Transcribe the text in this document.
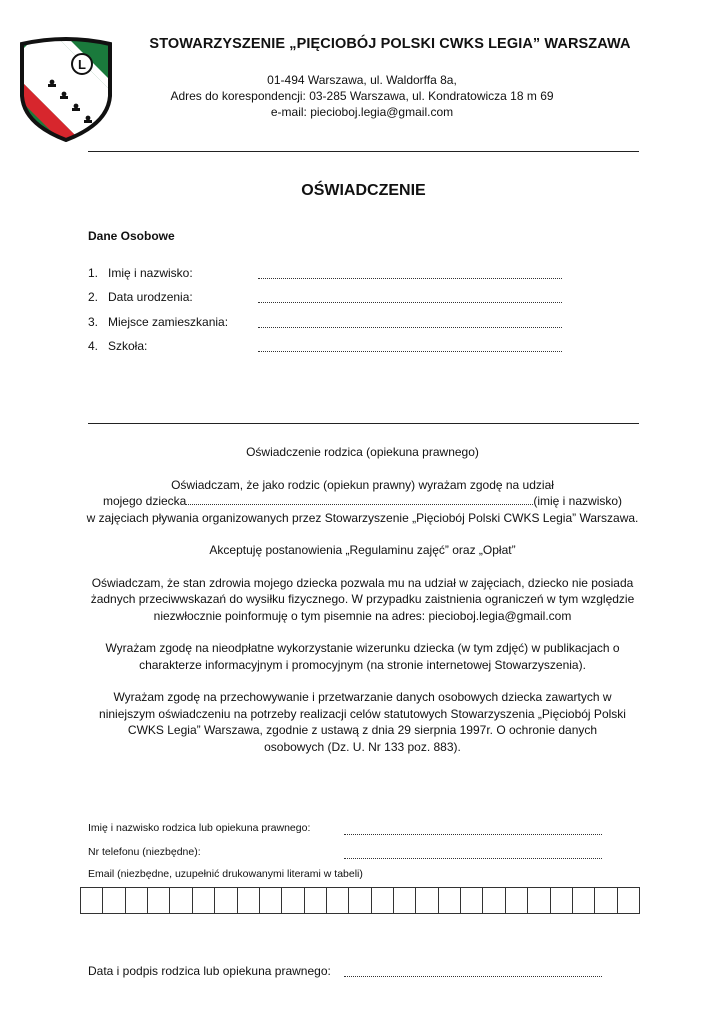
L
STOWARZYSZENIE „PIĘCIOBÓJ POLSKI CWKS LEGIA” WARSZAWA
01-494 Warszawa, ul. Waldorffa 8a,
Adres do korespondencji: 03-285 Warszawa, ul. Kondratowicza 18 m 69
e-mail: piecioboj.legia@gmail.com
OŚWIADCZENIE
Dane Osobowe
1. Imię i nazwisko:
2. Data urodzenia:
3. Miejsce zamieszkania:
4. Szkoła:

Oświadczenie rodzica (opiekuna prawnego)

Oświadczam, że jako rodzic (opiekun prawny) wyrażam zgodę na udział

mojego dziecka	(imię i nazwisko)

w zajęciach pływania organizowanych przez Stowarzyszenie „Pięciobój Polski CWKS Legia” Warszawa.

Akceptuję postanowienia „Regulaminu zajęć” oraz „Opłat”

Oświadczam, że stan zdrowia mojego dziecka pozwala mu na udział w zajęciach, dziecko nie posiada

żadnych przeciwwskazań do wysiłku fizycznego. W przypadku zaistnienia ograniczeń w tym względzie

niezwłocznie poinformuję o tym pisemnie na adres: piecioboj.legia@gmail.com

Wyrażam zgodę na nieodpłatne wykorzystanie wizerunku dziecka (w tym zdjęć) w publikacjach o

charakterze informacyjnym i promocyjnym (na stronie internetowej Stowarzyszenia).

Wyrażam zgodę na przechowywanie i przetwarzanie danych osobowych dziecka zawartych w

niniejszym oświadczeniu na potrzeby realizacji celów statutowych Stowarzyszenia „Pięciobój Polski

CWKS Legia” Warszawa, zgodnie z ustawą z dnia 29 sierpnia 1997r. O ochronie danych

osobowych (Dz. U. Nr 133 poz. 883).

Imię i nazwisko rodzica lub opiekuna prawnego:
Nr telefonu (niezbędne):
Email (niezbędne, uzupełnić drukowanymi literami w tabeli)
Data i podpis rodzica lub opiekuna prawnego:
